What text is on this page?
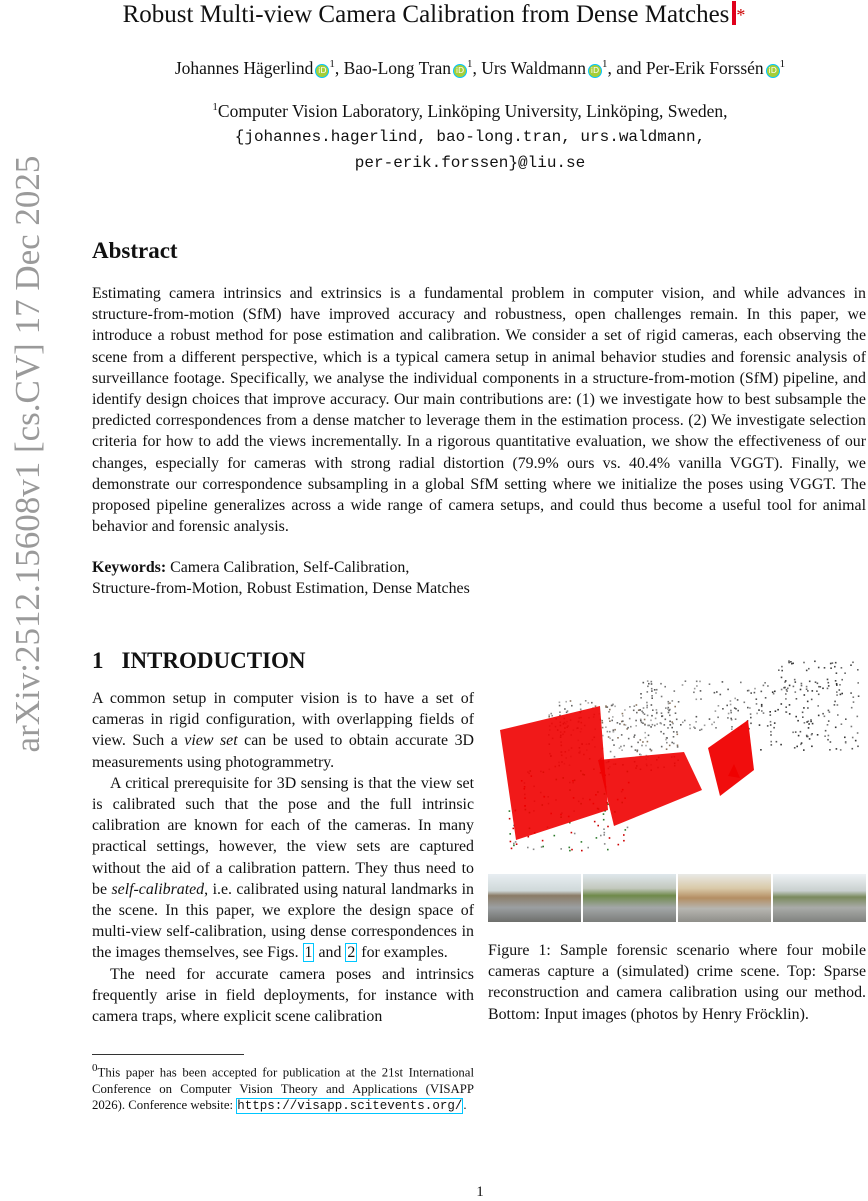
Robust Multi-view Camera Calibration from Dense Matches *
Johannes Hägerlind $iD^1$, Bao-Long Tran $iD^1$, Urs Waldmann $iD^1$, and Per-Erik Forssén $iD^1$
$^1$Computer Vision Laboratory, Linköping University, Linköping, Sweden,
{johannes.hagerlind, bao-long.tran, urs.waldmann,
per-erik.forssen}@liu.se
arXiv:2512.15608v1 [cs.CV] 17 Dec 2025 Abstract
Estimating camera intrinsics and extrinsics is a fundamental problem in computer vision, and while advances in structure-from-motion (SfM) have improved accuracy and robustness, open challenges remain. In this paper, we introduce a robust method for pose estimation and calibration. We consider a set of rigid cameras, each observing the scene from a different perspective, which is a typical camera setup in animal behavior studies and forensic analysis of surveillance footage. Specifically, we analyse the individual components in a structure-from-motion (SfM) pipeline, and identify design choices that improve accuracy. Our main contributions are: (1) we investigate how to best subsample the predicted correspondences from a dense matcher to leverage them in the estimation process. (2) We investigate selection criteria for how to add the views incrementally. In a rigorous quantitative evaluation, we show the effectiveness of our changes, especially for cameras with strong radial distortion (79.9% ours vs. 40.4% vanilla VGGT). Finally, we demonstrate our correspondence subsampling in a global SfM setting where we initialize the poses using VGGT. The proposed pipeline generalizes across a wide range of camera setups, and could thus become a useful tool for animal behavior and forensic analysis.
Keywords: Camera Calibration, Self-Calibration, Structure-from-Motion, Robust Estimation, Dense Matches
1 INTRODUCTION

A common setup in computer vision is to have a set of cameras in rigid configuration, with overlapping fields of view. Such a view set can be used to obtain accurate 3D measurements using photogrammetry.

A critical prerequisite for 3D sensing is that the view set is calibrated such that the pose and the full intrinsic calibration are known for each of the cameras. In many practical settings, however, the view sets are captured without the aid of a calibration pattern. They thus need to be self-calibrated, i.e. calibrated using natural landmarks in the scene. In this paper, we explore the design space of multi-view self-calibration, using dense correspondences in the images themselves, see Figs. 1 and 2 for examples.

The need for accurate camera poses and intrinsics frequently arise in field deployments, for instance with camera traps, where explicit scene calibration

$^0$This paper has been accepted for publication at the 21st International Conference on Computer Vision Theory and Applications (VISAPP 2026). Conference website: https://visapp.scitevents.org/.
Figure 1: Sample forensic scenario where four mobile cameras capture a (simulated) crime scene. Top: Sparse reconstruction and camera calibration using our method. Bottom: Input images (photos by Henry Fröcklin).
1
